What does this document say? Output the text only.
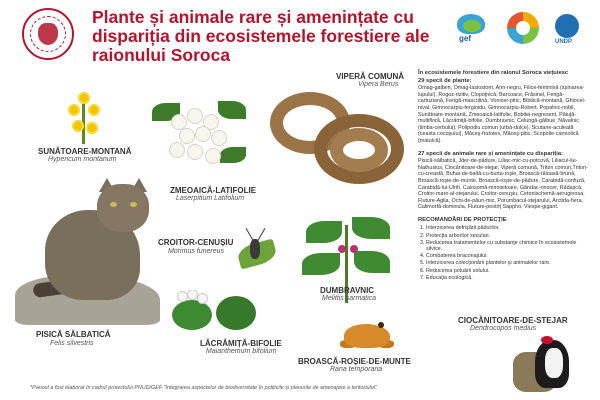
Plante și animale rare și amenințate cu dispariția din ecosistemele forestiere ale raionului Soroca
gef	UNDP
SUNĂTOARE-MONTANĂ
Hypericum montanum
ZMEOAICĂ-LATIFOLIE
Laserpitium Latifolium
VIPERĂ COMUNĂ
Vipera Berus
CROITOR-CENUȘIU
Morimus funereus
DUMBRAVNIC
Melittis sarmatica
PISICĂ SĂLBATICĂ
Felis silvestris	LĂCRĂMIȚĂ-BIFOLIE
Maianthemum bifolium
BROASCĂ-ROȘIE-DE-MUNTE
Rana temporaria
CIOCĂNITOARE-DE-STEJAR
Dendrocopos medius
În ecosistemele forestiere din raionul Soroca viețuiesc
29 specii de plante:
Omag-galben, Omag-lasiostom, Ann-negru, Filice-feminină (spinarea-lupului), Rogoz-rizitiv, Clopoţnică, Barcoace, Frăsinel, Ferigă-cartuziană, Ferigă-masculină, Vonicer-pitic, Bibilică-montană, Ghiocel-nival, Gimnocarpiu-fergioidu, Gimnocarpiu-Robert, Popalnic-nobil, Sunătoare-montană, Zmeoaică-latifolie, Bobitei-negresent, Păiuţă-multifloră, Lăcrămiţă-bifolie, Dumbravnic, Celungă-gălbue, Năvalnic (limba-cerbului), Polipodiu comun (urbă-dulce), Scutarie-aculeată (ceasta cocoşului), Măceş-frutotes, Măceş-pitic, Scopolie-carniolică (matulcă).
27 specii de animale rare și amenințate cu dispariția:
Pisică-sălbatică, Jder-de-pădure, Liliac-mic-cu-potcovă, Liliacul-lui-Nathusius, Ciocănitoare-de-stejar, Viperă comună, Triton comun,Triton-cu-creastă, Buhai-de-baltă-cu-burta-roşie, Broască-râioasă-brună, Broască-roşie-de-munte, Broască-roşie-de-pădure, Carabidă-confuză, Carabidă-lui-Ulrih, Calosomă-miroisitoare, Gândac-rinocer, Rădaşcă, Croitor-mare-al-stejarului, Croitor-cenuşiu, Cetonischemă-aeruginosa, Fluture-Aglia, Ochi-de-păun-mic, Porumbacul-stejarului, Arctida-hera, Calimorfă-dominula, Fluture-pestriţ Sappho, Viespe-gigant.
RECOMANDĂRI DE PROTECŢIE
1. Interzicerea defrişării pădurilor.
2. Protecţia arborilor seculari.
3. Reducerea tratamentelor cu substanţe chimice în ecosistemele silvice.
4. Combaterea braconajului.
5. Interzicerea colecţionării plantelor şi animalelor rare.
6. Reducerea poluării solului.
7. Educaţia ecologică.
*Panoul a fost elaborat în cadrul proiectului PNUD/GEF "Integrarea aspectelor de biodiversitate în politicile și planurile de amenajare a teritoriului".
